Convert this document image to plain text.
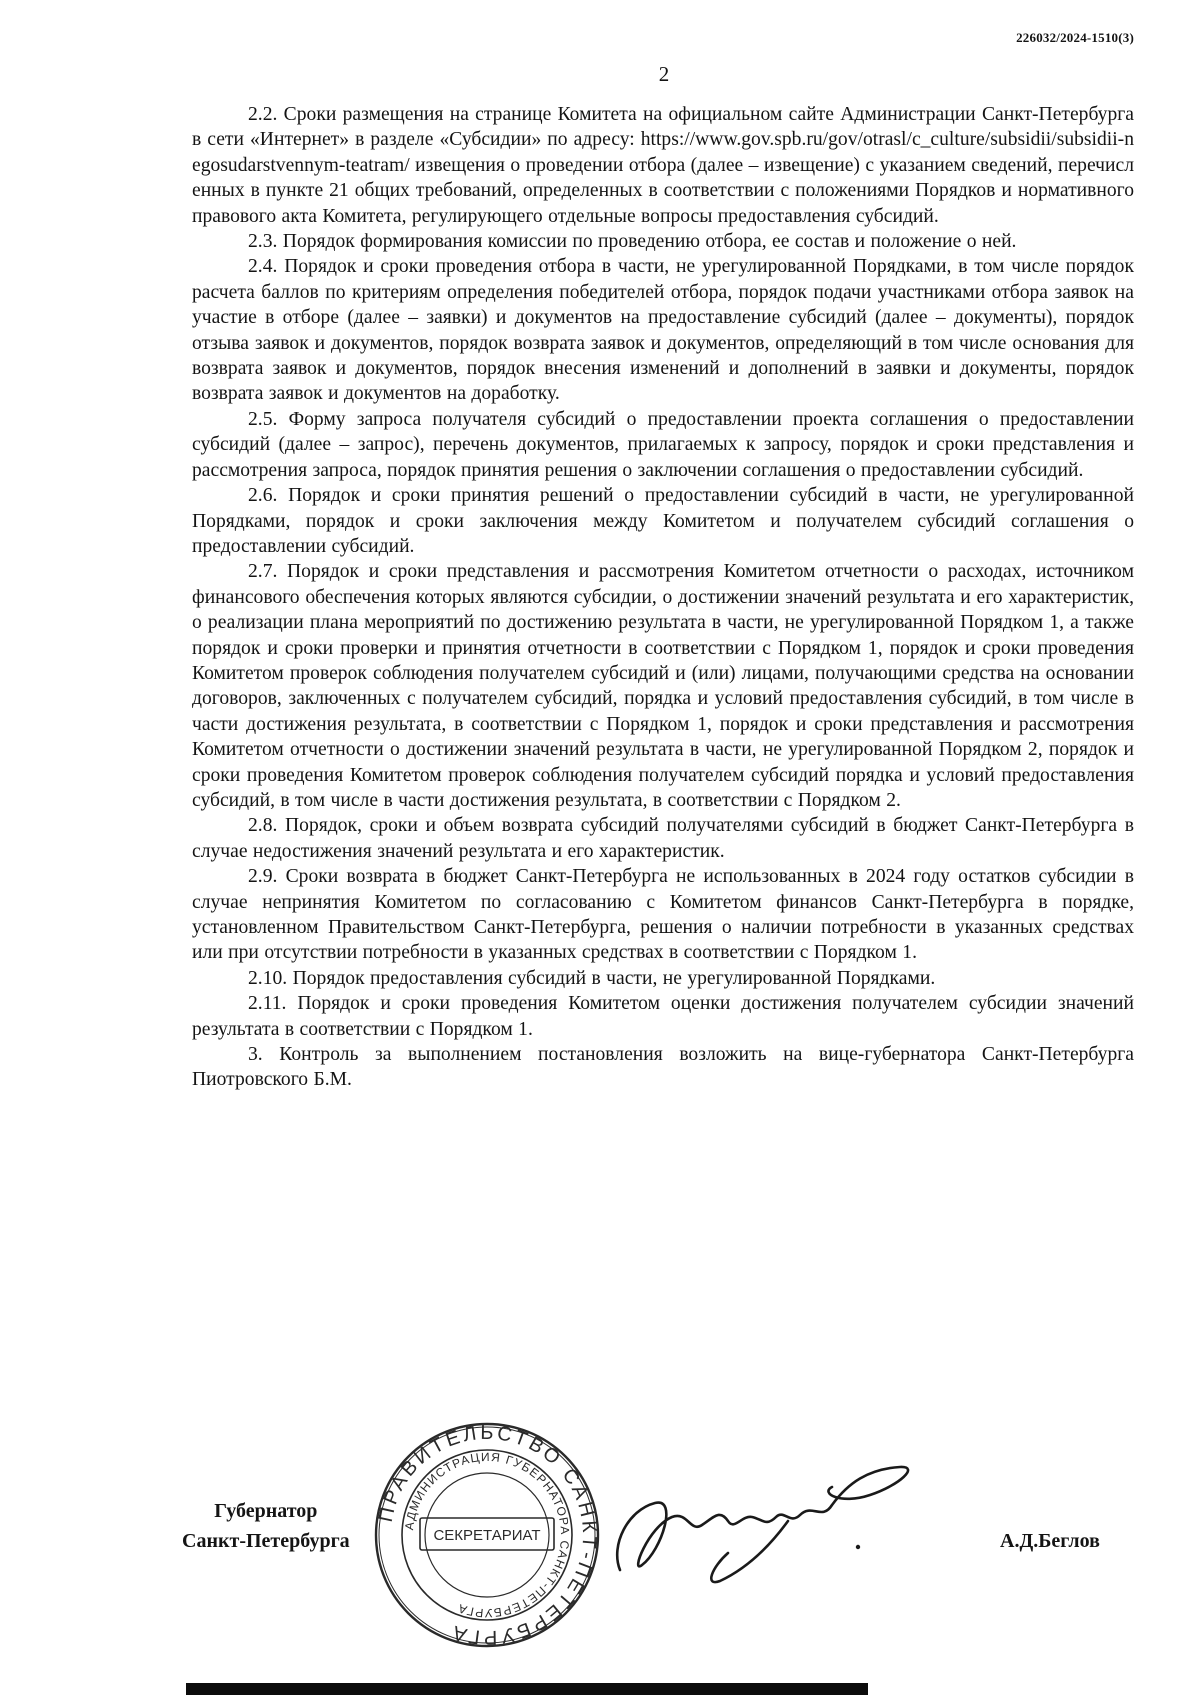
226032/2024-1510(3)
2

2.2. Сроки размещения на странице Комитета на официальном сайте Администрации Санкт-Петербурга в сети «Интернет» в разделе «Субсидии» по адресу: https://www.gov.spb.ru/gov/otrasl/c_culture/subsidii/subsidii-negosudarstvennym-teatram/ извещения о проведении отбора (далее – извещение) с указанием сведений, перечисленных в пункте 21 общих требований, определенных в соответствии с положениями Порядков и нормативного правового акта Комитета, регулирующего отдельные вопросы предоставления субсидий.

2.3. Порядок формирования комиссии по проведению отбора, ее состав и положение о ней.

2.4. Порядок и сроки проведения отбора в части, не урегулированной Порядками, в том числе порядок расчета баллов по критериям определения победителей отбора, порядок подачи участниками отбора заявок на участие в отборе (далее – заявки) и документов на предоставление субсидий (далее – документы), порядок отзыва заявок и документов, порядок возврата заявок и документов, определяющий в том числе основания для возврата заявок и документов, порядок внесения изменений и дополнений в заявки и документы, порядок возврата заявок и документов на доработку.

2.5. Форму запроса получателя субсидий о предоставлении проекта соглашения о предоставлении субсидий (далее – запрос), перечень документов, прилагаемых к запросу, порядок и сроки представления и рассмотрения запроса, порядок принятия решения о заключении соглашения о предоставлении субсидий.

2.6. Порядок и сроки принятия решений о предоставлении субсидий в части, не урегулированной Порядками, порядок и сроки заключения между Комитетом и получателем субсидий соглашения о предоставлении субсидий.

2.7. Порядок и сроки представления и рассмотрения Комитетом отчетности о расходах, источником финансового обеспечения которых являются субсидии, о достижении значений результата и его характеристик, о реализации плана мероприятий по достижению результата в части, не урегулированной Порядком 1, а также порядок и сроки проверки и принятия отчетности в соответствии с Порядком 1, порядок и сроки проведения Комитетом проверок соблюдения получателем субсидий и (или) лицами, получающими средства на основании договоров, заключенных с получателем субсидий, порядка и условий предоставления субсидий, в том числе в части достижения результата, в соответствии с Порядком 1, порядок и сроки представления и рассмотрения Комитетом отчетности о достижении значений результата в части, не урегулированной Порядком 2, порядок и сроки проведения Комитетом проверок соблюдения получателем субсидий порядка и условий предоставления субсидий, в том числе в части достижения результата, в соответствии с Порядком 2.

2.8. Порядок, сроки и объем возврата субсидий получателями субсидий в бюджет Санкт-Петербурга в случае недостижения значений результата и его характеристик.

2.9. Сроки возврата в бюджет Санкт-Петербурга не использованных в 2024 году остатков субсидии в случае непринятия Комитетом по согласованию с Комитетом финансов Санкт-Петербурга в порядке, установленном Правительством Санкт-Петербурга, решения о наличии потребности в указанных средствах или при отсутствии потребности в указанных средствах в соответствии с Порядком 1.

2.10. Порядок предоставления субсидий в части, не урегулированной Порядками.

2.11. Порядок и сроки проведения Комитетом оценки достижения получателем субсидии значений результата в соответствии с Порядком 1.

3. Контроль за выполнением постановления возложить на вице-губернатора Санкт-Петербурга Пиотровского Б.М.

Губернатор
Санкт-Петербурга
ПРАВИТЕЛЬСТВО САНКТ-ПЕТЕРБУРГА
АДМИНИСТРАЦИЯ ГУБЕРНАТОРА САНКТ-ПЕТЕРБУРГА
СЕКРЕТАРИАТ	А.Д.Беглов
